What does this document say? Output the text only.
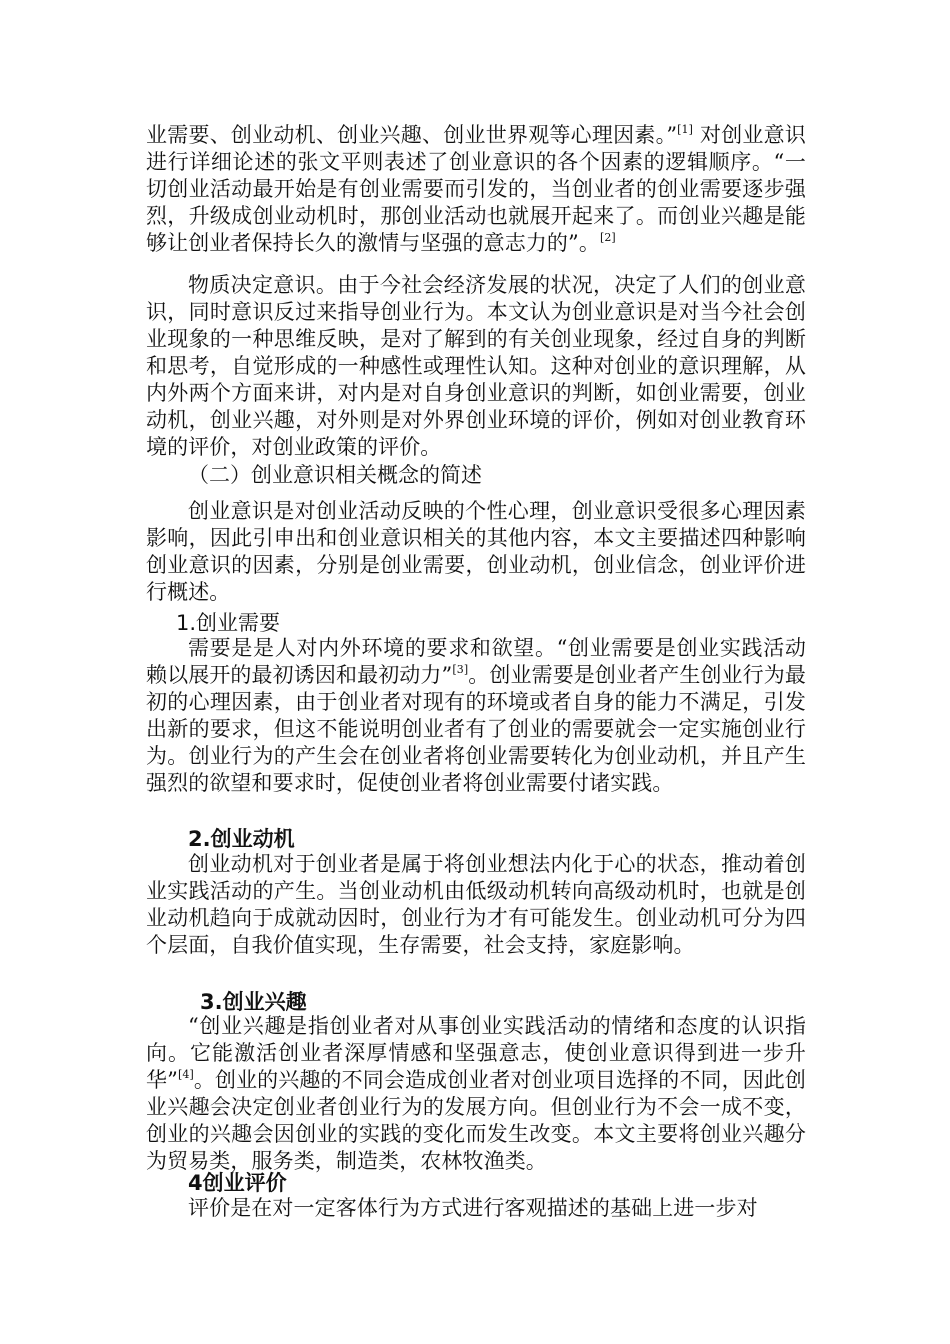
业需要、创业动机、创业兴趣、创业世界观等心理因素。”[1] 对创业意识进行详细论述的张文平则表述了创业意识的各个因素的逻辑顺序。“一切创业活动最开始是有创业需要而引发的，当创业者的创业需要逐步强烈，升级成创业动机时，那创业活动也就展开起来了。而创业兴趣是能够让创业者保持长久的激情与坚强的意志力的”。[2]

物质决定意识。由于今社会经济发展的状况，决定了人们的创业意识，同时意识反过来指导创业行为。本文认为创业意识是对当今社会创业现象的一种思维反映，是对了解到的有关创业现象，经过自身的判断和思考，自觉形成的一种感性或理性认知。这种对创业的意识理解，从内外两个方面来讲，对内是对自身创业意识的判断，如创业需要，创业动机，创业兴趣，对外则是对外界创业环境的评价，例如对创业教育环境的评价，对创业政策的评价。

（二）创业意识相关概念的简述

创业意识是对创业活动反映的个性心理，创业意识受很多心理因素影响，因此引申出和创业意识相关的其他内容，本文主要描述四种影响创业意识的因素，分别是创业需要，创业动机，创业信念，创业评价进行概述。

1.创业需要

需要是是人对内外环境的要求和欲望。“创业需要是创业实践活动赖以展开的最初诱因和最初动力”[3]。创业需要是创业者产生创业行为最初的心理因素，由于创业者对现有的环境或者自身的能力不满足，引发出新的要求，但这不能说明创业者有了创业的需要就会一定实施创业行为。创业行为的产生会在创业者将创业需要转化为创业动机，并且产生强烈的欲望和要求时，促使创业者将创业需要付诸实践。

2.创业动机

创业动机对于创业者是属于将创业想法内化于心的状态，推动着创业实践活动的产生。当创业动机由低级动机转向高级动机时，也就是创业动机趋向于成就动因时，创业行为才有可能发生。创业动机可分为四个层面，自我价值实现，生存需要，社会支持，家庭影响。

3.创业兴趣

“创业兴趣是指创业者对从事创业实践活动的情绪和态度的认识指向。它能激活创业者深厚情感和坚强意志，使创业意识得到进一步升华”[4]。创业的兴趣的不同会造成创业者对创业项目选择的不同，因此创业兴趣会决定创业者创业行为的发展方向。但创业行为不会一成不变，创业的兴趣会因创业的实践的变化而发生改变。本文主要将创业兴趣分为贸易类，服务类，制造类，农林牧渔类。

4创业评价

评价是在对一定客体行为方式进行客观描述的基础上进一步对
